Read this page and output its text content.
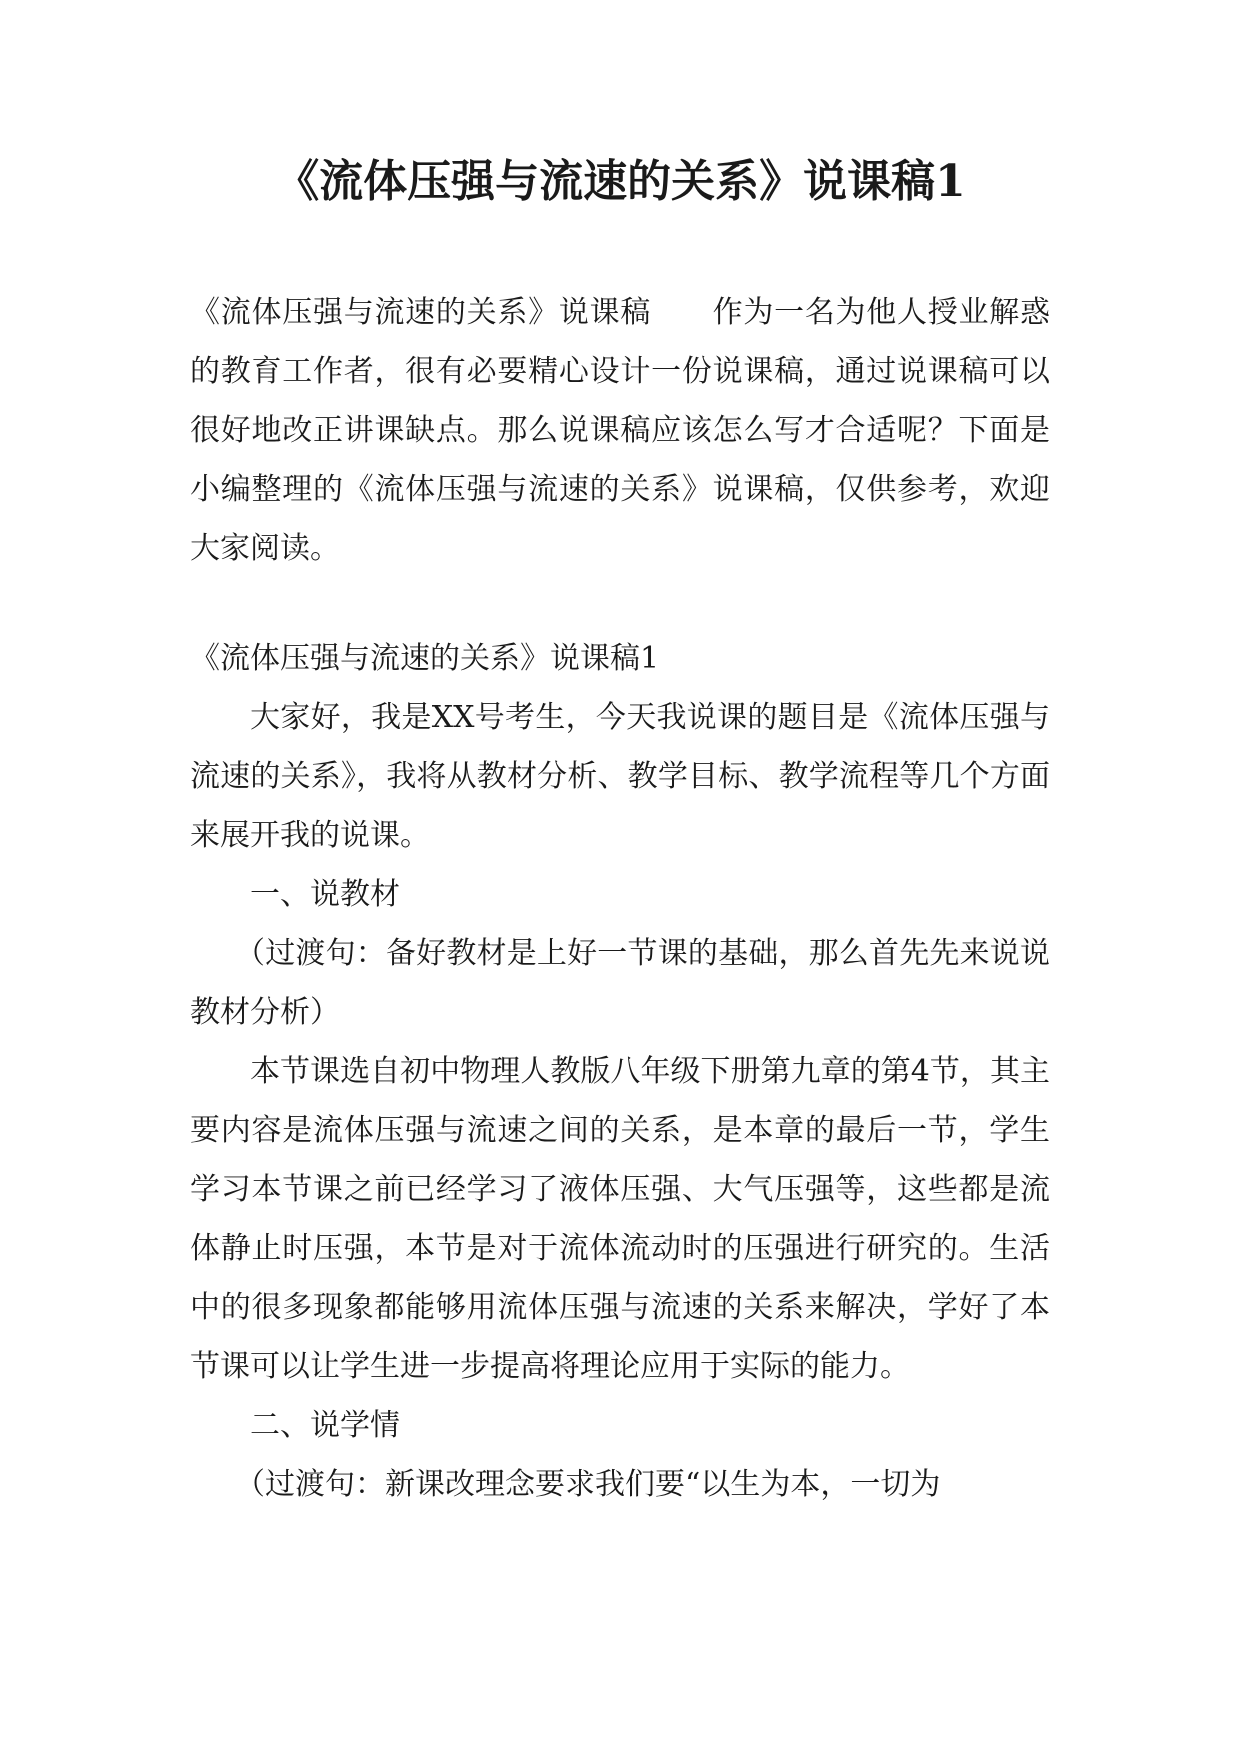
《流体压强与流速的关系》说课稿1

《流体压强与流速的关系》说课稿　　作为一名为他人授业解惑的教育工作者，很有必要精心设计一份说课稿，通过说课稿可以很好地改正讲课缺点。那么说课稿应该怎么写才合适呢？下面是小编整理的《流体压强与流速的关系》说课稿，仅供参考，欢迎大家阅读。

《流体压强与流速的关系》说课稿1

大家好，我是XX号考生，今天我说课的题目是《流体压强与流速的关系》，我将从教材分析、教学目标、教学流程等几个方面来展开我的说课。

一、说教材

（过渡句：备好教材是上好一节课的基础，那么首先先来说说教材分析）

本节课选自初中物理人教版八年级下册第九章的第4节，其主要内容是流体压强与流速之间的关系，是本章的最后一节，学生学习本节课之前已经学习了液体压强、大气压强等，这些都是流体静止时压强，本节是对于流体流动时的压强进行研究的。生活中的很多现象都能够用流体压强与流速的关系来解决，学好了本节课可以让学生进一步提高将理论应用于实际的能力。

二、说学情

（过渡句：新课改理念要求我们要“以生为本，一切为
